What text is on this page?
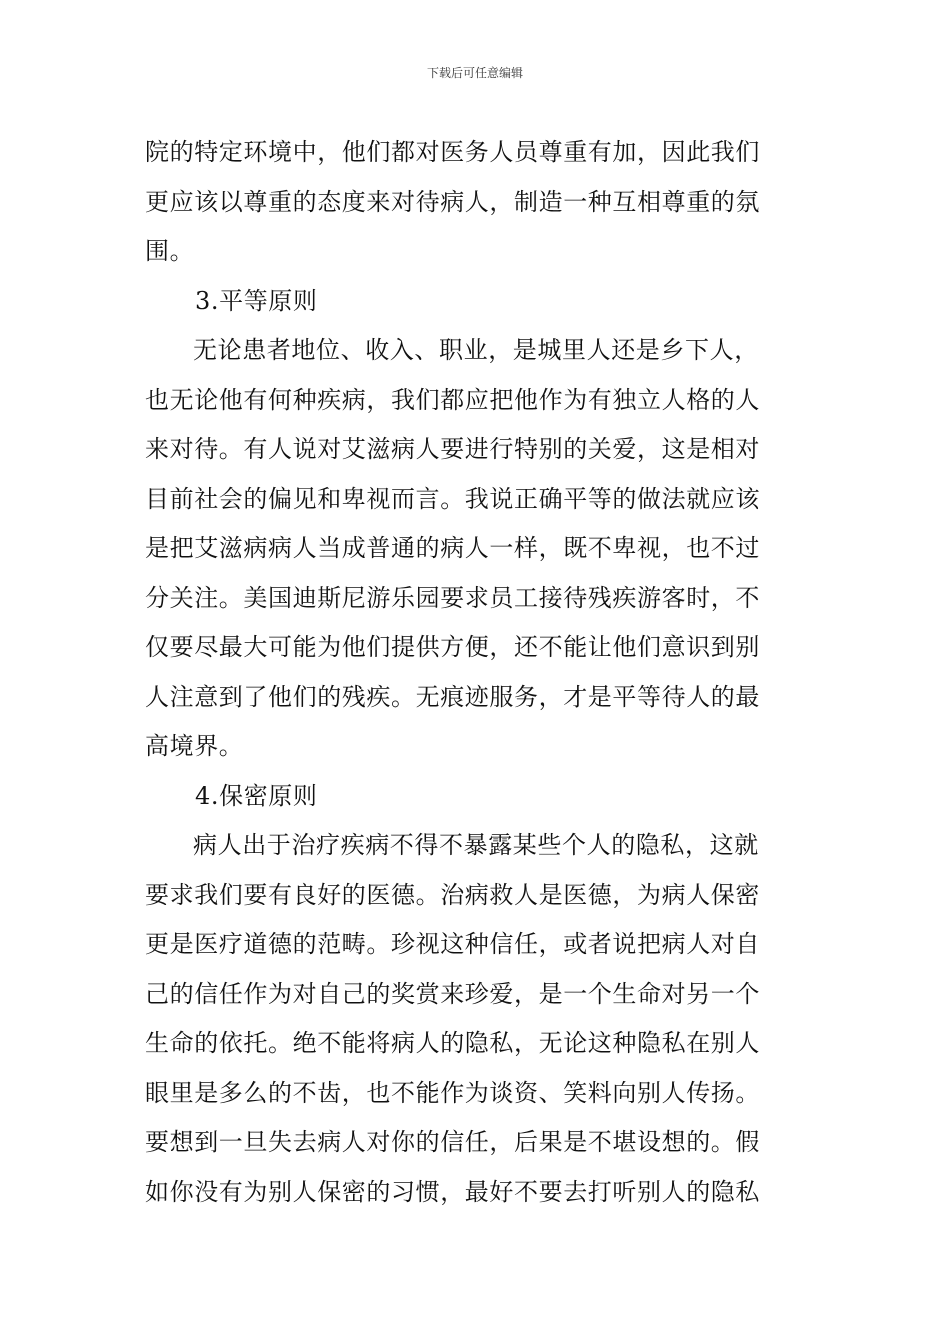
下载后可任意编辑
院的特定环境中，他们都对医务人员尊重有加，因此我们
更应该以尊重的态度来对待病人，制造一种互相尊重的氛
围。
3.平等原则
无论患者地位、收入、职业，是城里人还是乡下人，
也无论他有何种疾病，我们都应把他作为有独立人格的人
来对待。有人说对艾滋病人要进行特别的关爱，这是相对
目前社会的偏见和卑视而言。我说正确平等的做法就应该
是把艾滋病病人当成普通的病人一样，既不卑视，也不过
分关注。美国迪斯尼游乐园要求员工接待残疾游客时，不
仅要尽最大可能为他们提供方便，还不能让他们意识到别
人注意到了他们的残疾。无痕迹服务，才是平等待人的最
高境界。
4.保密原则
病人出于治疗疾病不得不暴露某些个人的隐私，这就
要求我们要有良好的医德。治病救人是医德，为病人保密
更是医疗道德的范畴。珍视这种信任，或者说把病人对自
己的信任作为对自己的奖赏来珍爱，是一个生命对另一个
生命的依托。绝不能将病人的隐私，无论这种隐私在别人
眼里是多么的不齿，也不能作为谈资、笑料向别人传扬。
要想到一旦失去病人对你的信任，后果是不堪设想的。假
如你没有为别人保密的习惯，最好不要去打听别人的隐私
